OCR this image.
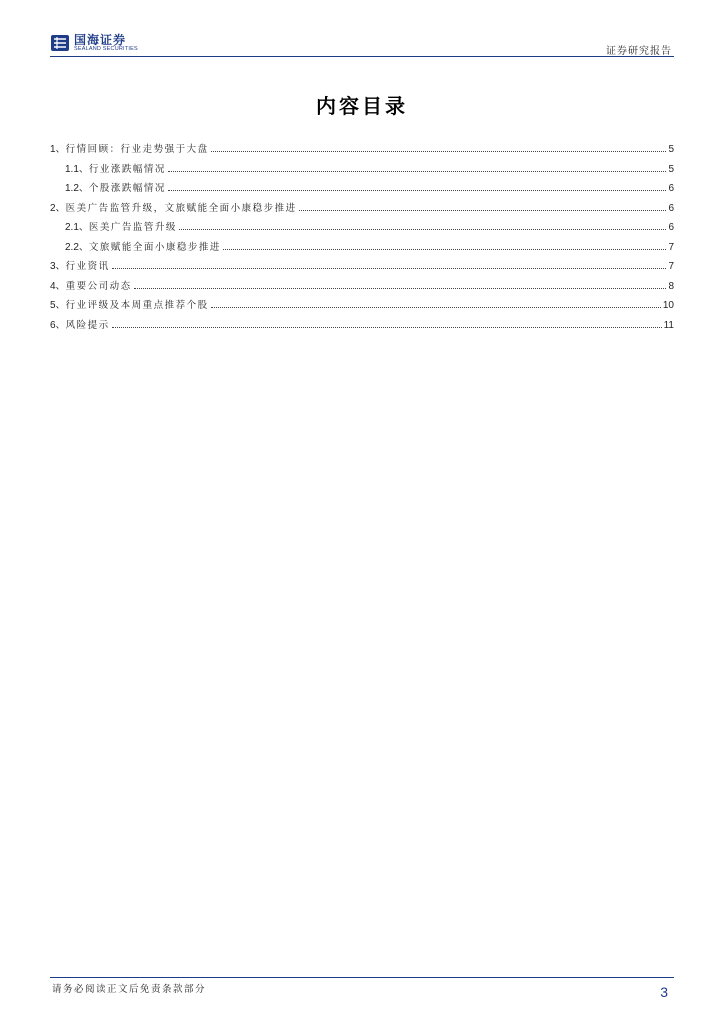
国海证券
SEALAND SECURITIES	证券研究报告
内容目录
1、 行情回顾：行业走势强于大盘	5
1.1、 行业涨跌幅情况	5
1.2、 个股涨跌幅情况	6
2、 医美广告监管升级，文旅赋能全面小康稳步推进	6
2.1、 医美广告监管升级	6
2.2、 文旅赋能全面小康稳步推进	7
3、 行业资讯	7
4、 重要公司动态	8
5、 行业评级及本周重点推荐个股	10
6、 风险提示	11
请务必阅读正文后免责条款部分	3
